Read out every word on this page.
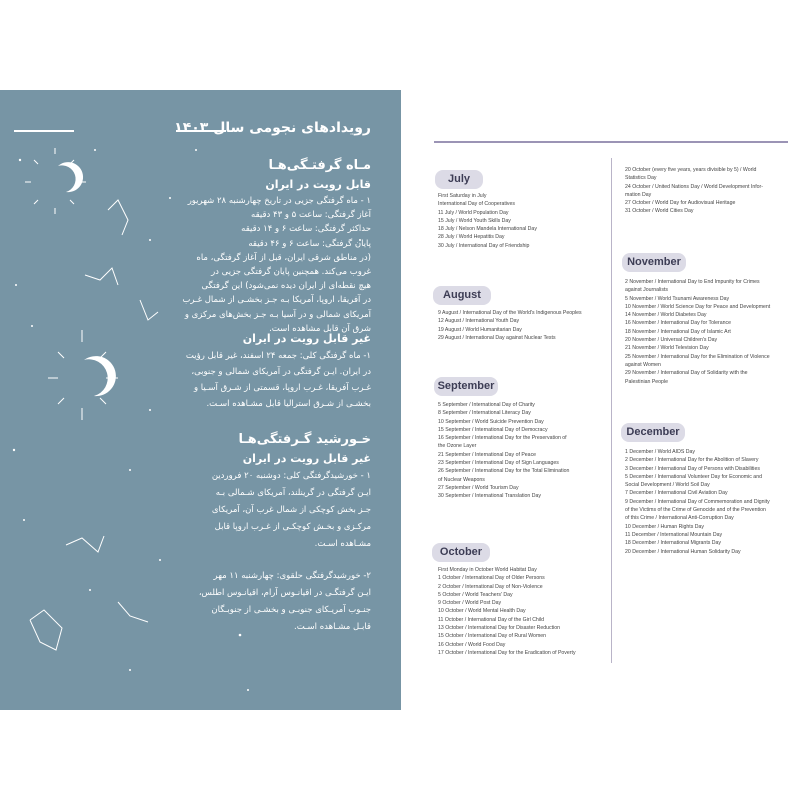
رویدادهای نجومی سال ۱۴۰۳
مـاه گرفتـگی‌هـا
قابل رویت در ایران
۱ - ماه گرفتگی جزیی در تاریخ چهارشنبه ۲۸ شهریور
آغاز گرفتگی: ساعت ۵ و ۴۳ دقیقه
حداکثر گرفتگی: ساعت ۶ و ۱۴ دقیقه
پایان گرفتگی: ساعت ۶ و ۴۶ دقیقه
(در مناطق شرقی ایران، قبل از آغاز گرفتگی، ماه
غروب می‌کند. همچنین پایان گرفتگی جزیی در
هیچ نقطه‌ای از ایران دیده نمی‌شود) این گرفتگی
در آفریقا، اروپا، آمریکا بـه جـز بخشـی از شمال غـرب
آمریکای شمالی و در آسیا بـه جـز بخش‌های مرکزی و
شرق آن قابل مشاهده است.
غیر قابل رویت در ایران
۱- ماه گرفتگی کلی: جمعه ۲۴ اسفند، غیر قابل رؤیت
در ایران. ایـن گرفتگی در آمریکای شمالی و جنوبی،
غـرب آفریقا، غـرب اروپا، قسمتی از شـرق آسـیا و
بخشـی از شـرق استرالیا قابل مشـاهده اسـت.
خـورشید گـرفتگی‌هـا
غیر قابل رویت در ایران
۱ - خورشیدگرفتگی کلی: دوشنبه ۲۰ فروردین
ایـن گرفتگی در گرینلند، آمریکای شـمالی بـه
جـز بخش کوچکی از شمال غرب آن، آمریکای
مرکـزی و بخـش کوچکـی از غـرب اروپا قابل
مشـاهده اسـت.
۲- خورشیدگرفتگی حلقوی: چهارشنبه ۱۱ مهر
ایـن گرفتگـی در اقیانـوس آرام، اقیانـوس اطلس،
جنـوب آمریـکای جنوبـی و بخشـی از جنوبـگان
قابـل مشـاهده اسـت.
July
First Saturday in July
International Day of Cooperatives
11 July / World Population Day
15 July / World Youth Skills Day
18 July / Nelson Mandela International Day
28 July / World Hepatitis Day
30 July / International Day of Friendship
August
9 August / International Day of the World's Indigenous Peoples
12 August / International Youth Day
19 August / World Humanitarian Day
29 August / International Day against Nuclear Tests
September
5 September / International Day of Charity
8 September / International Literacy Day
10 September / World Suicide Prevention Day
15 September / International Day of Democracy
16 September / International Day for the Preservation of
the Ozone Layer
21 September / International Day of Peace
23 September / International Day of Sign Languages
26 September / International Day for the Total Elimination
of Nuclear Weapons
27 September / World Tourism Day
30 September / International Translation Day
October
First Monday in October World Habitat Day
1 October / International Day of Older Persons
2 October / International Day of Non-Violence
5 October / World Teachers' Day
9 October / World Post Day
10 October / World Mental Health Day
11 October / International Day of the Girl Child
13 October / International Day for Disaster Reduction
15 October / International Day of Rural Women
16 October / World Food Day
17 October / International Day for the Eradication of Poverty
20 October (every five years, years divisible by 5) / World
Statistics Day
24 October / United Nations Day / World Development Infor-
mation Day
27 October / World Day for Audiovisual Heritage
31 October / World Cities Day
November
2 November / International Day to End Impunity for Crimes
against Journalists
5 November / World Tsunami Awareness Day
10 November / World Science Day for Peace and Development
14 November / World Diabetes Day
16 November / International Day for Tolerance
18 November / International Day of Islamic Art
20 November / Universal Children's Day
21 November / World Television Day
25 November / International Day for the Elimination of Violence
against Women
29 November / International Day of Solidarity with the
Palestinian People
December
1 December / World AIDS Day
2 December / International Day for the Abolition of Slavery
3 December / International Day of Persons with Disabilities
5 December / International Volunteer Day for Economic and
Social Development / World Soil Day
7 December / International Civil Aviation Day
9 December / International Day of Commemoration and Dignity
of the Victims of the Crime of Genocide and of the Prevention
of this Crime / International Anti-Corruption Day
10 December / Human Rights Day
11 December / International Mountain Day
18 December / International Migrants Day
20 December / International Human Solidarity Day
